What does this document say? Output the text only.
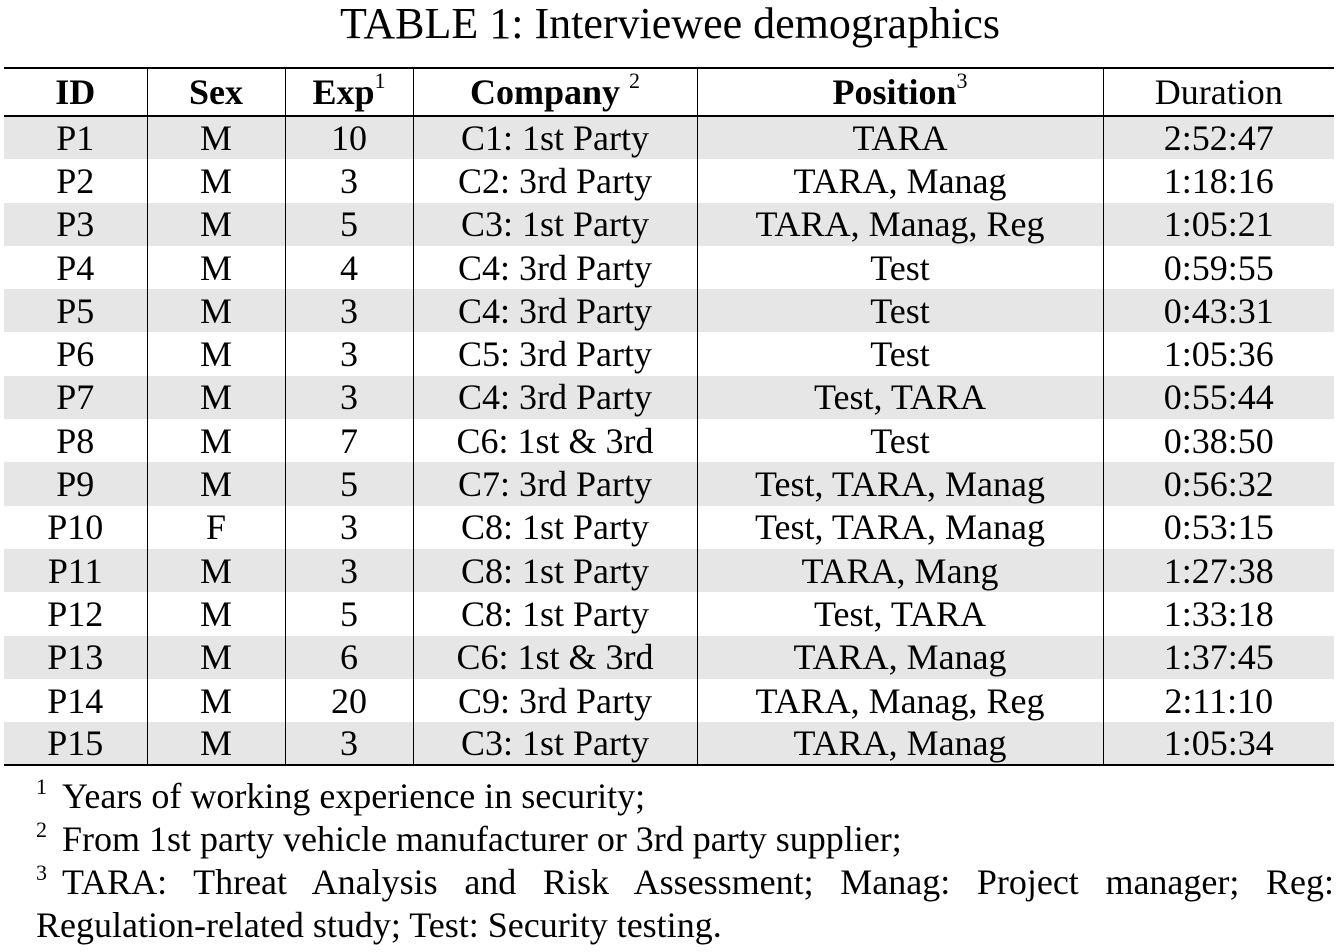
TABLE 1: Interviewee demographics
ID	Sex	Exp$^1$	Company $^2$	Position$^3$	Duration
P1	M	10	C1: 1st Party	TARA	2:52:47
P2	M	3	C2: 3rd Party	TARA, Manag	1:18:16
P3	M	5	C3: 1st Party	TARA, Manag, Reg	1:05:21
P4	M	4	C4: 3rd Party	Test	0:59:55
P5	M	3	C4: 3rd Party	Test	0:43:31
P6	M	3	C5: 3rd Party	Test	1:05:36
P7	M	3	C4: 3rd Party	Test, TARA	0:55:44
P8	M	7	C6: 1st & 3rd	Test	0:38:50
P9	M	5	C7: 3rd Party	Test, TARA, Manag	0:56:32
P10	F	3	C8: 1st Party	Test, TARA, Manag	0:53:15
P11	M	3	C8: 1st Party	TARA, Mang	1:27:38
P12	M	5	C8: 1st Party	Test, TARA	1:33:18
P13	M	6	C6: 1st & 3rd	TARA, Manag	1:37:45
P14	M	20	C9: 3rd Party	TARA, Manag, Reg	2:11:10
P15	M	3	C3: 1st Party	TARA, Manag	1:05:34
1 Years of working experience in security;
2 From 1st party vehicle manufacturer or 3rd party supplier;
3 TARA: Threat Analysis and Risk Assessment; Manag: Project manager; Reg:
Regulation-related study; Test: Security testing.
